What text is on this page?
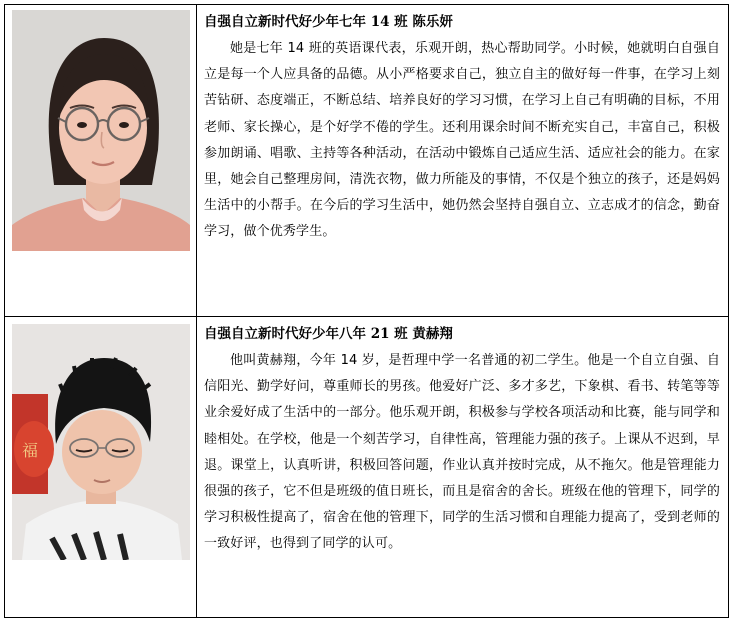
自强自立新时代好少年七年 14 班 陈乐妍

她是七年 14 班的英语课代表，乐观开朗，热心帮助同学。小时候，她就明白自强自立是每一个人应具备的品德。从小严格要求自己，独立自主的做好每一件事，在学习上刻苦钻研、态度端正，不断总结、培养良好的学习习惯，在学习上自己有明确的目标，不用老师、家长操心，是个好学不倦的学生。还利用课余时间不断充实自己，丰富自己，积极参加朗诵、唱歌、主持等各种活动，在活动中锻炼自己适应生活、适应社会的能力。在家里，她会自己整理房间，清洗衣物，做力所能及的事情，不仅是个独立的孩子，还是妈妈生活中的小帮手。在今后的学习生活中，她仍然会坚持自强自立、立志成才的信念，勤奋学习，做个优秀学生。

福

自强自立新时代好少年八年 21 班 黄赫翔

他叫黄赫翔，今年 14 岁，是哲理中学一名普通的初二学生。他是一个自立自强、自信阳光、勤学好问，尊重师长的男孩。他爱好广泛、多才多艺，下象棋、看书、转笔等等业余爱好成了生活中的一部分。他乐观开朗，积极参与学校各项活动和比赛，能与同学和睦相处。在学校，他是一个刻苦学习，自律性高，管理能力强的孩子。上课从不迟到，早退。课堂上，认真听讲，积极回答问题，作业认真并按时完成，从不拖欠。他是管理能力很强的孩子，它不但是班级的值日班长，而且是宿舍的舍长。班级在他的管理下，同学的学习积极性提高了，宿舍在他的管理下，同学的生活习惯和自理能力提高了，受到老师的一致好评，也得到了同学的认可。
